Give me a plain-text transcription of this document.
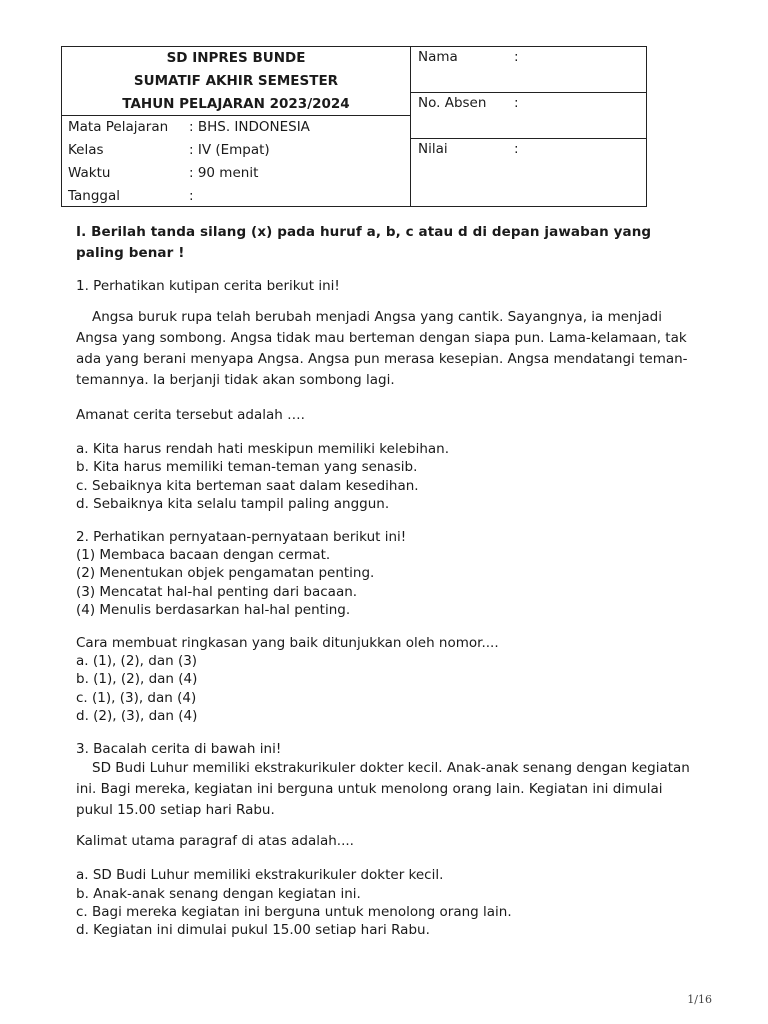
SD INPRES BUNDE
SUMATIF AKHIR SEMESTER
TAHUN PELAJARAN 2023/2024
Mata Pelajaran : BHS. INDONESIA
Kelas	: IV (Empat)
Waktu	: 90 menit
Tanggal	:
Nama	:
No. Absen :
Nilai	:

I. Berilah tanda silang (x) pada huruf a, b, c atau d di depan jawaban yang paling benar !

1. Perhatikan kutipan cerita berikut ini!

Angsa buruk rupa telah berubah menjadi Angsa yang cantik. Sayangnya, ia menjadi Angsa yang sombong. Angsa tidak mau berteman dengan siapa pun. Lama-kelamaan, tak ada yang berani menyapa Angsa. Angsa pun merasa kesepian. Angsa mendatangi teman-temannya. Ia berjanji tidak akan sombong lagi.

Amanat cerita tersebut adalah ….

a. Kita harus rendah hati meskipun memiliki kelebihan.
b. Kita harus memiliki teman-teman yang senasib.
c. Sebaiknya kita berteman saat dalam kesedihan.
d. Sebaiknya kita selalu tampil paling anggun.
2. Perhatikan pernyataan-pernyataan berikut ini!
(1) Membaca bacaan dengan cermat.
(2) Menentukan objek pengamatan penting.
(3) Mencatat hal-hal penting dari bacaan.
(4) Menulis berdasarkan hal-hal penting.
Cara membuat ringkasan yang baik ditunjukkan oleh nomor....
a. (1), (2), dan (3)
b. (1), (2), dan (4)
c. (1), (3), dan (4)
d. (2), (3), dan (4)

3. Bacalah cerita di bawah ini!

SD Budi Luhur memiliki ekstrakurikuler dokter kecil. Anak-anak senang dengan kegiatan ini. Bagi mereka, kegiatan ini berguna untuk menolong orang lain. Kegiatan ini dimulai pukul 15.00 setiap hari Rabu.

Kalimat utama paragraf di atas adalah....

a. SD Budi Luhur memiliki ekstrakurikuler dokter kecil.
b. Anak-anak senang dengan kegiatan ini.
c. Bagi mereka kegiatan ini berguna untuk menolong orang lain.
d. Kegiatan ini dimulai pukul 15.00 setiap hari Rabu.
1/16
